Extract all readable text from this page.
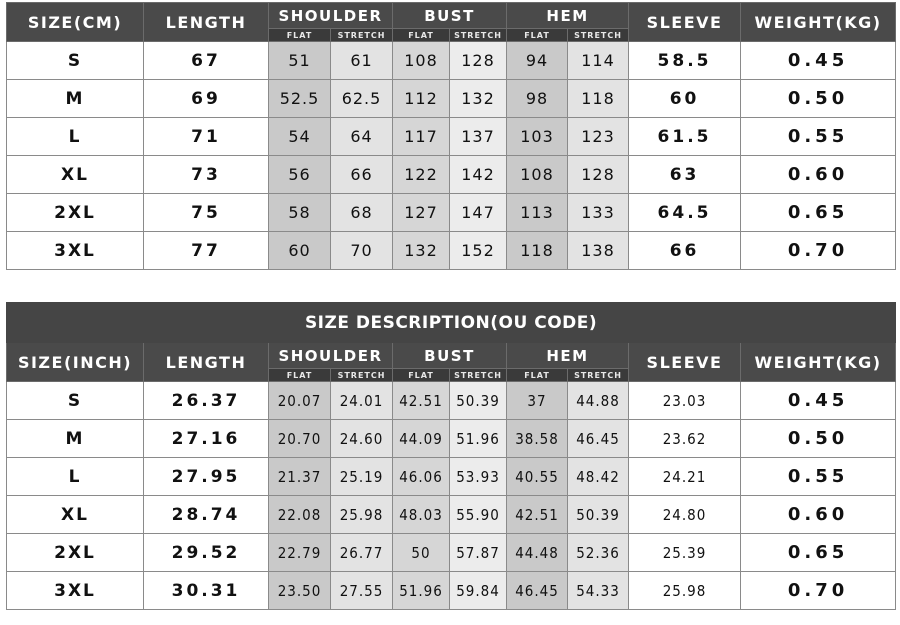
SIZE(CM)	LENGTH	SHOULDER		BUST		HEM		SLEEVE	WEIGHT(KG)
		FLAT	STRETCH	FLAT	STRETCH	FLAT	STRETCH		
S	67	51	61	108	128	94	114	58.5	0.45
M	69	52.5	62.5	112	132	98	118	60	0.50
L	71	54	64	117	137	103	123	61.5	0.55
XL	73	56	66	122	142	108	128	63	0.60
2XL	75	58	68	127	147	113	133	64.5	0.65
3XL	77	60	70	132	152	118	138	66	0.70
SIZE DESCRIPTION(OU CODE)									
SIZE(INCH)	LENGTH	SHOULDER		BUST		HEM		SLEEVE	WEIGHT(KG)
		FLAT	STRETCH	FLAT	STRETCH	FLAT	STRETCH		
S	26.37	20.07	24.01	42.51	50.39	37	44.88	23.03	0.45
M	27.16	20.70	24.60	44.09	51.96	38.58	46.45	23.62	0.50
L	27.95	21.37	25.19	46.06	53.93	40.55	48.42	24.21	0.55
XL	28.74	22.08	25.98	48.03	55.90	42.51	50.39	24.80	0.60
2XL	29.52	22.79	26.77	50	57.87	44.48	52.36	25.39	0.65
3XL	30.31	23.50	27.55	51.96	59.84	46.45	54.33	25.98	0.70
